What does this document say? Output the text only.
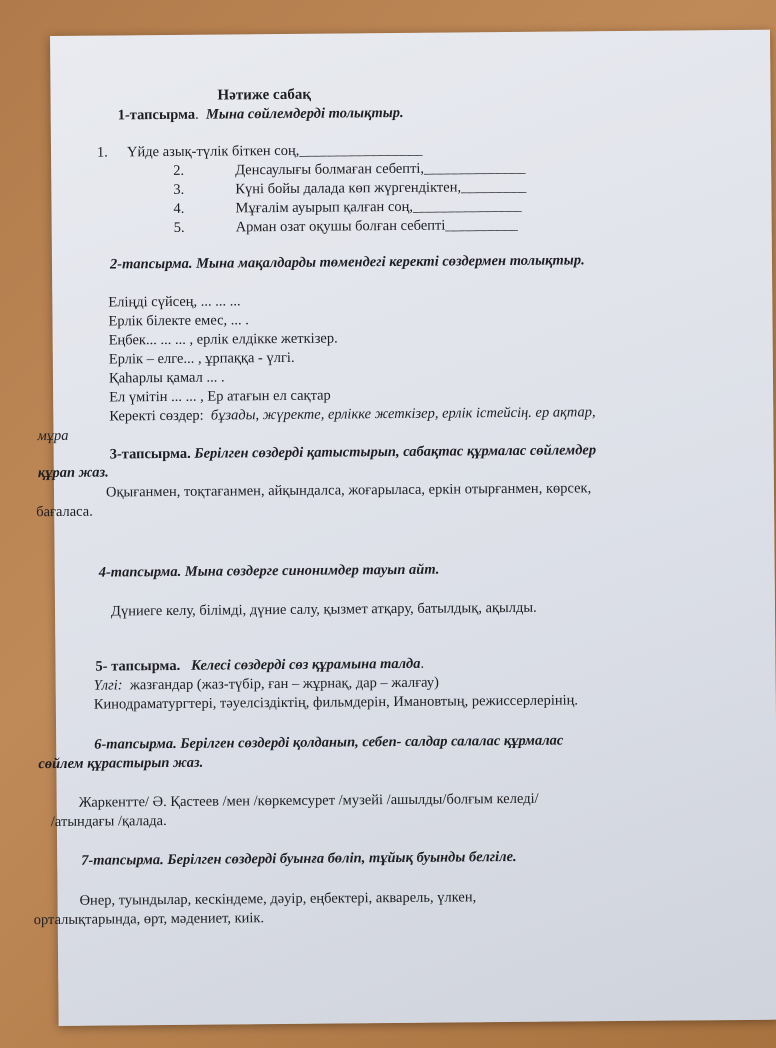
Нәтиже сабақ
1-тапсырма. Мына сөйлемдерді толықтыр.
1. Үйде азық-түлік біткен соң,_________________
2.	Денсаулығы болмаған себепті,______________
3.	Күні бойы далада көп жүргендіктен,_________
4.	Мұғалім ауырып қалған соң,_______________
5.	Арман озат оқушы болған себепті__________
2-тапсырма. Мына мақалдарды төмендегі керекті сөздермен толықтыр.
Еліңді сүйсең, ... ... ...
Ерлік білекте емес, ... .
Еңбек... ... ... , ерлік елдікке жеткізер.
Ерлік – елге... , ұрпаққа - үлгі.
Қаһарлы қамал ... .
Ел үмітін ... ... , Ер атағын ел сақтар
Керекті сөздер: бұзады, жүректе, ерлікке жеткізер, ерлік істейсің. ер ақтар,
мұра
3-тапсырма. Берілген сөздерді қатыстырып, сабақтас құрмалас сөйлемдер
құрап жаз.
Оқығанмен, тоқтағанмен, айқындалса, жоғарыласа, еркін отырғанмен, көрсек,
бағаласа.
4-тапсырма. Мына сөздерге синонимдер тауып айт.
Дүниеге келу, білімді, дүние салу, қызмет атқару, батылдық, ақылды.
5- тапсырма. Келесі сөздерді сөз құрамына талда.
Үлгі: жазғандар (жаз-түбір, ған – жұрнақ, дар – жалғау)
Кинодраматургтері, тәуелсіздіктің, фильмдерін, Имановтың, режиссерлерінің.
6-тапсырма. Берілген сөздерді қолданып, себеп- салдар салалас құрмалас
сөйлем құрастырып жаз.
Жаркентте/ Ә. Қастеев /мен /көркемсурет /музейі /ашылды/болғым келеді/
/атындағы /қалада.
7-тапсырма. Берілген сөздерді буынға бөліп, тұйық буынды белгіле.
Өнер, туындылар, кескіндеме, дәуір, еңбектері, акварель, үлкен,
орталықтарында, өрт, мәдениет, киік.
